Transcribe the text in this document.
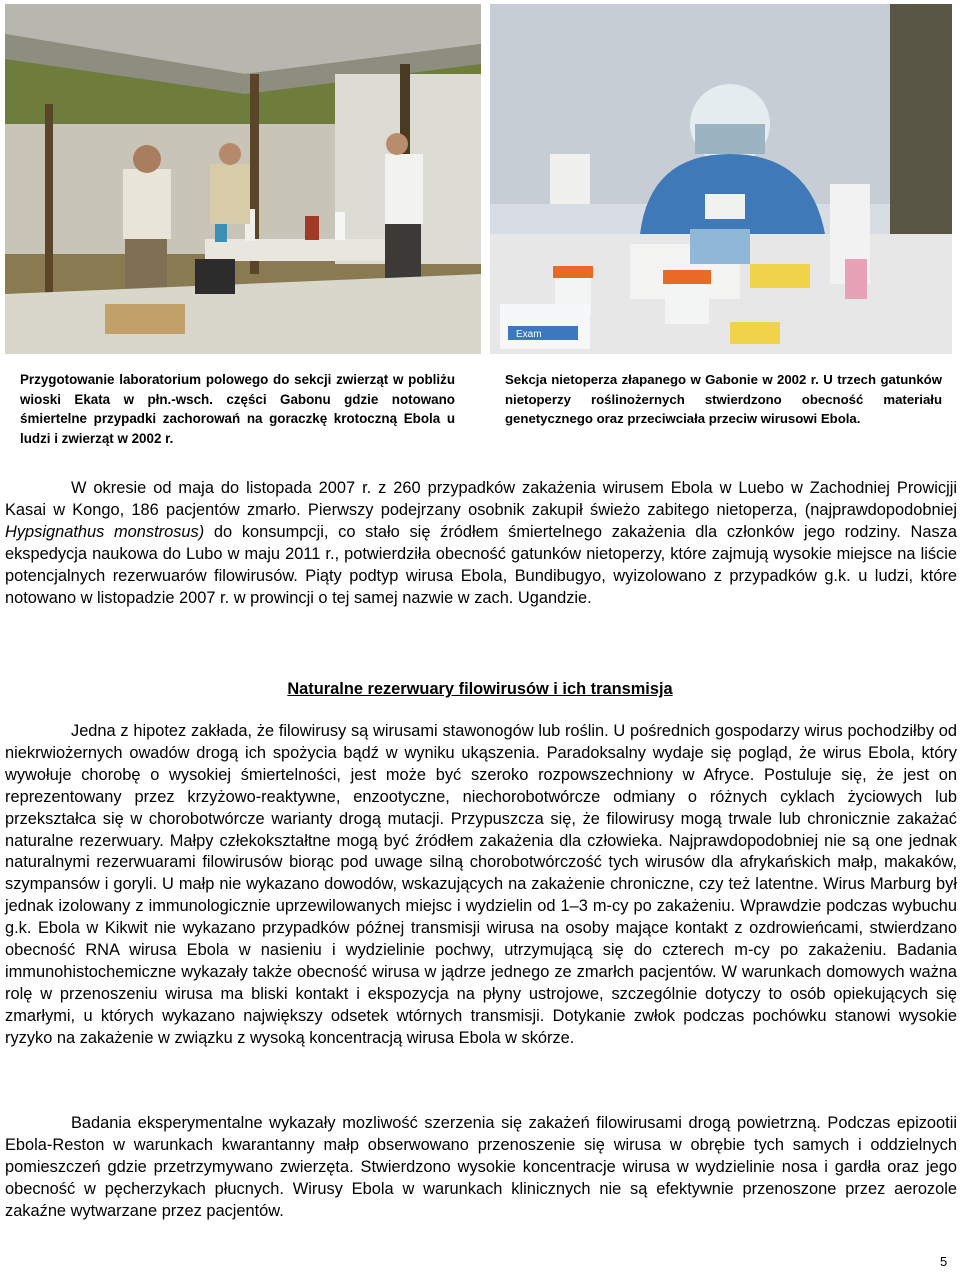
Exam
Przygotowanie laboratorium polowego do sekcji zwierząt w pobliżu wioski Ekata w płn.-wsch. części Gabonu gdzie notowano śmiertelne przypadki zachorowań na goraczkę krotoczną Ebola u ludzi i zwierząt w 2002 r.
Sekcja nietoperza złapanego w Gabonie w 2002 r. U trzech gatunków nietoperzy roślinożernych stwierdzono obecność materiału genetycznego oraz przeciwciała przeciw wirusowi Ebola.

W okresie od maja do listopada 2007 r. z 260 przypadków zakażenia wirusem Ebola w Luebo w Zachodniej Prowicjji Kasai w Kongo, 186 pacjentów zmarło. Pierwszy podejrzany osobnik zakupił świeżo zabitego nietoperza, (najprawdopodobniej Hypsignathus monstrosus) do konsumpcji, co stało się źródłem śmiertelnego zakażenia dla członków jego rodziny. Nasza ekspedycja naukowa do Lubo w maju 2011 r., potwierdziła obecność gatunków nietoperzy, które zajmują wysokie miejsce na liście potencjalnych rezerwuarów filowirusów. Piąty podtyp wirusa Ebola, Bundibugyo, wyizolowano z przypadków g.k. u ludzi, które notowano w listopadzie 2007 r. w prowincji o tej samej nazwie w zach. Ugandzie.

Naturalne rezerwuary filowirusów i ich transmisja

Jedna z hipotez zakłada, że filowirusy są wirusami stawonogów lub roślin. U pośrednich gospodarzy wirus pochodziłby od niekrwiożernych owadów drogą ich spożycia bądź w wyniku ukąszenia. Paradoksalny wydaje się pogląd, że wirus Ebola, który wywołuje chorobę o wysokiej śmiertelności, jest może być szeroko rozpowszechniony w Afryce. Postuluje się, że jest on reprezentowany przez krzyżowo-reaktywne, enzootyczne, niechorobotwórcze odmiany o różnych cyklach życiowych lub przekształca się w chorobotwórcze warianty drogą mutacji. Przypuszcza się, że filowirusy mogą trwale lub chronicznie zakażać naturalne rezerwuary. Małpy człekokształtne mogą być źródłem zakażenia dla człowieka. Najprawdopodobniej nie są one jednak naturalnymi rezerwuarami filowirusów biorąc pod uwage silną chorobotwórczość tych wirusów dla afrykańskich małp, makaków, szympansów i goryli. U małp nie wykazano dowodów, wskazujących na zakażenie chroniczne, czy też latentne. Wirus Marburg był jednak izolowany z immunologicznie uprzewilowanych miejsc i wydzielin od 1–3 m-cy po zakażeniu. Wprawdzie podczas wybuchu g.k. Ebola w Kikwit nie wykazano przypadków późnej transmisji wirusa na osoby mające kontakt z ozdrowieńcami, stwierdzano obecność RNA wirusa Ebola w nasieniu i wydzielinie pochwy, utrzymującą się do czterech m-cy po zakażeniu. Badania immunohistochemiczne wykazały także obecność wirusa w jądrze jednego ze zmarłch pacjentów. W warunkach domowych ważna rolę w przenoszeniu wirusa ma bliski kontakt i ekspozycja na płyny ustrojowe, szczególnie dotyczy to osób opiekujących się zmarłymi, u których wykazano największy odsetek wtórnych transmisji. Dotykanie zwłok podczas pochówku stanowi wysokie ryzyko na zakażenie w związku z wysoką koncentracją wirusa Ebola w skórze.

Badania eksperymentalne wykazały mozliwość szerzenia się zakażeń filowirusami drogą powietrzną. Podczas epizootii Ebola-Reston w warunkach kwarantanny małp obserwowano przenoszenie się wirusa w obrębie tych samych i oddzielnych pomieszczeń gdzie przetrzymywano zwierzęta. Stwierdzono wysokie koncentracje wirusa w wydzielinie nosa i gardła oraz jego obecność w pęcherzykach płucnych. Wirusy Ebola w warunkach klinicznych nie są efektywnie przenoszone przez aerozole zakaźne wytwarzane przez pacjentów.

5
